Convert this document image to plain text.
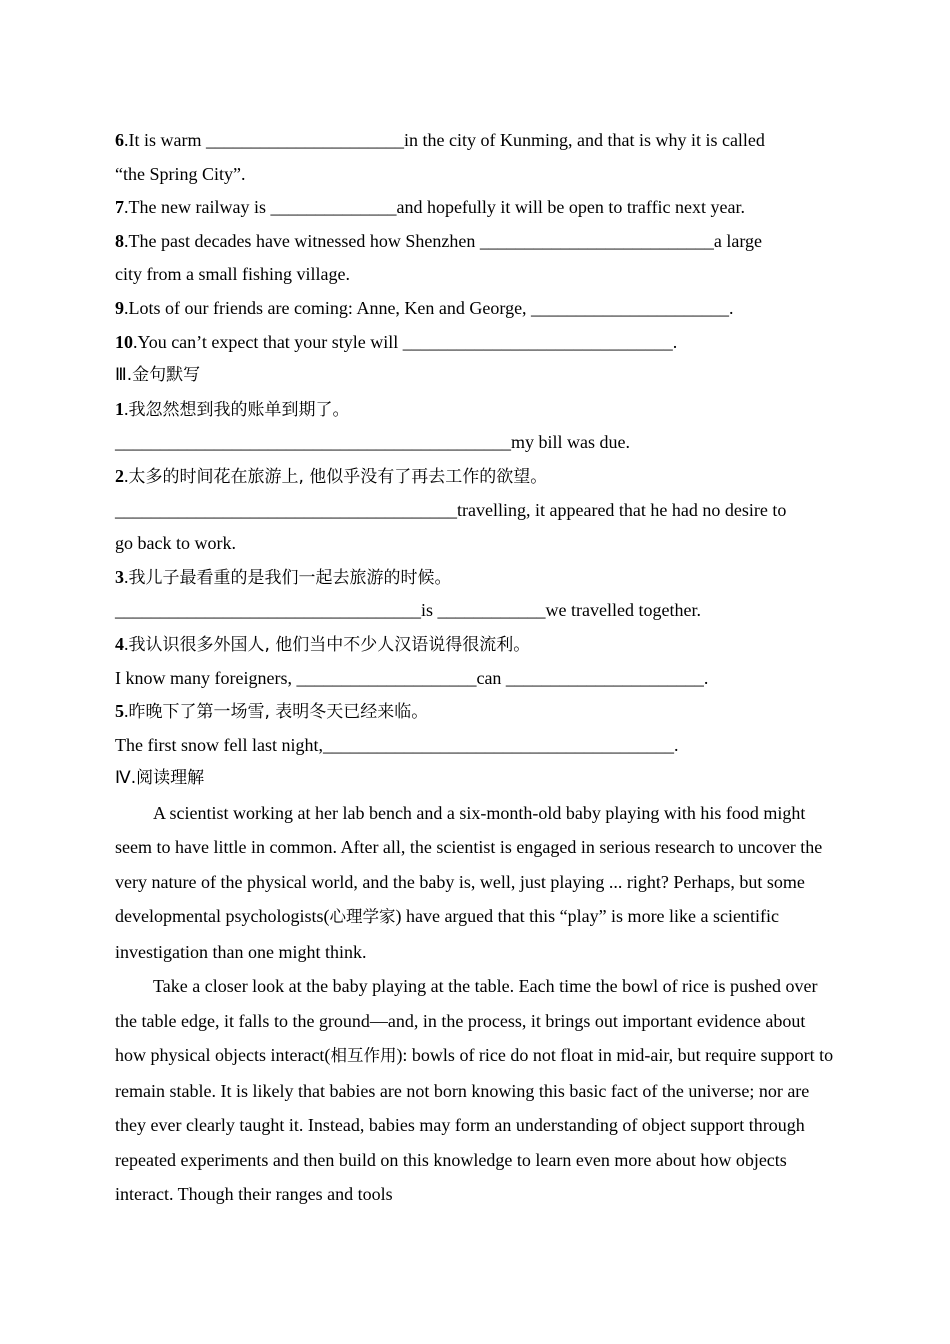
6.It is warm ______________________in the city of Kunming, and that is why it is called
“the Spring City”.
7.The new railway is ______________and hopefully it will be open to traffic next year.
8.The past decades have witnessed how Shenzhen __________________________a large
city from a small fishing village.
9.Lots of our friends are coming: Anne, Ken and George, ______________________.
10.You can’t expect that your style will ______________________________.
Ⅲ.金句默写
1.我忽然想到我的账单到期了。
____________________________________________my bill was due.
2.太多的时间花在旅游上, 他似乎没有了再去工作的欲望。
______________________________________travelling, it appeared that he had no desire to
go back to work.
3.我儿子最看重的是我们一起去旅游的时候。
__________________________________is ____________we travelled together.
4.我认识很多外国人, 他们当中不少人汉语说得很流利。
I know many foreigners, ____________________can ______________________.
5.昨晚下了第一场雪, 表明冬天已经来临。
The first snow fell last night,_______________________________________.
Ⅳ.阅读理解

A scientist working at her lab bench and a six-month-old baby playing with his food might seem to have little in common. After all, the scientist is engaged in serious research to uncover the very nature of the physical world, and the baby is, well, just playing ... right? Perhaps, but some developmental psychologists(心理学家) have argued that this “play” is more like a scientific investigation than one might think.

Take a closer look at the baby playing at the table. Each time the bowl of rice is pushed over the table edge, it falls to the ground—and, in the process, it brings out important evidence about how physical objects interact(相互作用): bowls of rice do not float in mid-air, but require support to remain stable. It is likely that babies are not born knowing this basic fact of the universe; nor are they ever clearly taught it. Instead, babies may form an understanding of object support through repeated experiments and then build on this knowledge to learn even more about how objects interact. Though their ranges and tools
